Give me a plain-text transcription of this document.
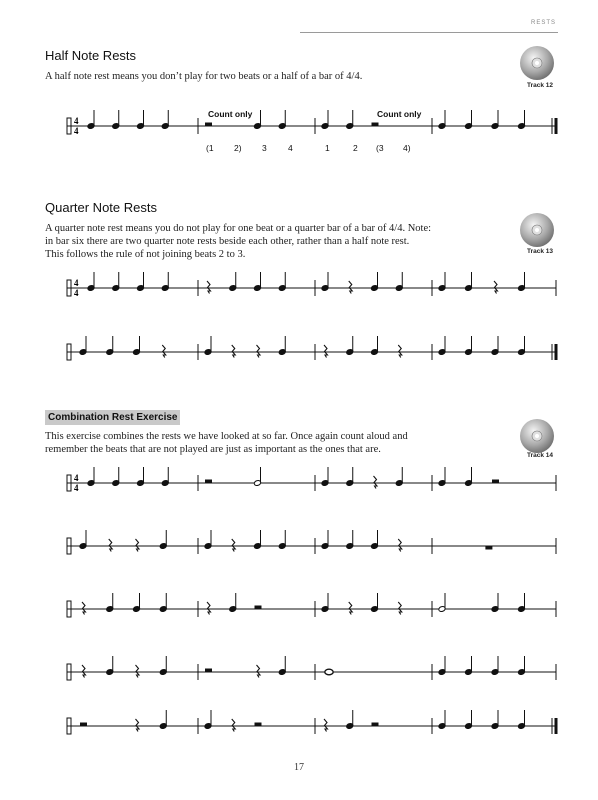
RESTS
Half Note Rests
A half note rest means you don’t play for two beats or a half of a bar of 4/4.
Track 12
Count only	Count only
4
4
(1 2) 3	4	1	2 (3 4)
Quarter Note Rests
A quarter note rest means you do not play for one beat or a quarter bar of a bar of 4/4. Note:
in bar six there are two quarter note rests beside each other, rather than a half note rest.
This follows the rule of not joining beats 2 to 3.	Track 13
4
4
Combination Rest Exercise
This exercise combines the rests we have looked at so far. Once again count aloud and
remember the beats that are not played are just as important as the ones that are.
Track 14
4
4
17
